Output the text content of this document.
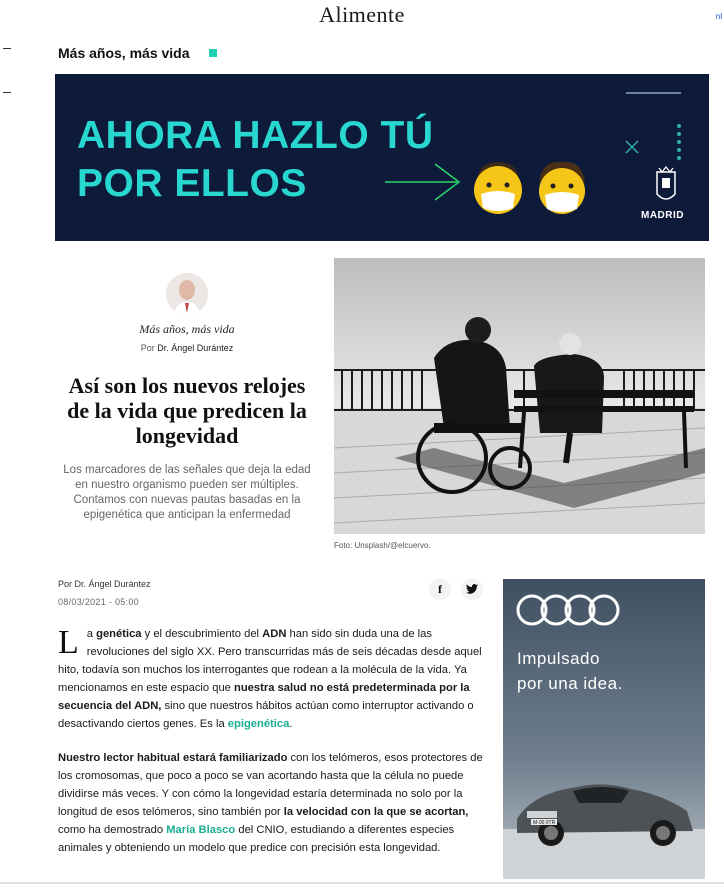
Alimente	nl
Más años, más vida
AHORA HAZLO TÚ
POR ELLOS
MADRID
Más años, más vida
Por Dr. Ángel Durántez
Así son los nuevos relojes de la vida que predicen la longevidad

Los marcadores de las señales que deja la edad en nuestro organismo pueden ser múltiples. Contamos con nuevas pautas basadas en la epigenética que anticipan la enfermedad

Foto: Unsplash/@elcuervo.
Por Dr. Ángel Durántez
08/03/2021 - 05:00
f
La genética y el descubrimiento del ADN han sido sin duda una de las revoluciones del siglo XX. Pero transcurridas más de seis décadas desde aquel hito, todavía son muchos los interrogantes que rodean a la molécula de la vida. Ya mencionamos en este espacio que nuestra salud no está predeterminada por la secuencia del ADN, sino que nuestros hábitos actúan como interruptor activando o desactivando ciertos genes. Es la epigenética.
Nuestro lector habitual estará familiarizado con los telómeros, esos protectores de los cromosomas, que poco a poco se van acortando hasta que la célula no puede dividirse más veces. Y con cómo la longevidad estaría determinada no solo por la longitud de esos telómeros, sino también por la velocidad con la que se acortan, como ha demostrado María Blasco del CNIO, estudiando a diferentes especies animales y obteniendo un modelo que predice con precisión esta longevidad.
Impulsado
por una idea.
M-00 0TR
